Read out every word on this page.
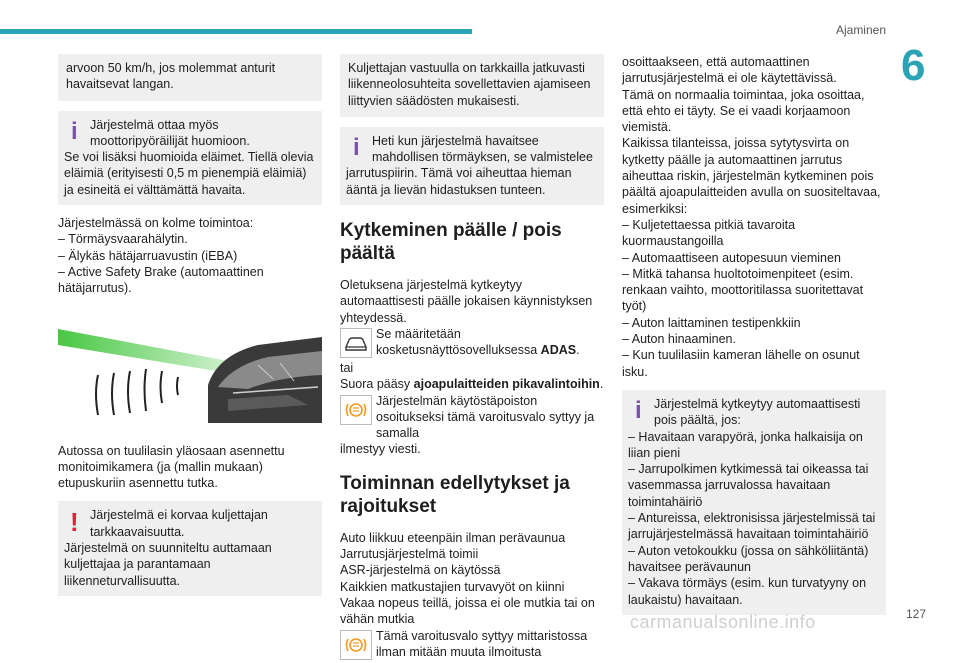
Ajaminen
6

arvoon 50 km/h, jos molemmat anturit havaitsevat langan.

i Järjestelmä ottaa myös moottoripyöräilijät huomioon.

Se voi lisäksi huomioida eläimet. Tiellä olevia eläimiä (erityisesti 0,5 m pienempiä eläimiä) ja esineitä ei välttämättä havaita.

Järjestelmässä on kolme toimintoa:

– Törmäysvaarahälytin.

– Älykäs hätäjarruavustin (iEBA)

– Active Safety Brake (automaattinen hätäjarrutus).

Autossa on tuulilasin yläosaan asennettu monitoimikamera (ja (mallin mukaan) etupuskuriin asennettu tutka.

! Järjestelmä ei korvaa kuljettajan tarkkaavaisuutta.

Järjestelmä on suunniteltu auttamaan kuljettajaa ja parantamaan liikenneturvallisuutta.

Kuljettajan vastuulla on tarkkailla jatkuvasti liikenneolosuhteita sovellettavien ajamiseen liittyvien säädösten mukaisesti.

i Heti kun järjestelmä havaitsee mahdollisen törmäyksen, se valmistelee

jarrutuspiirin. Tämä voi aiheuttaa hieman ääntä ja lievän hidastuksen tunteen.

Kytkeminen päälle / pois päältä

Oletuksena järjestelmä kytkeytyy automaattisesti päälle jokaisen käynnistyksen yhteydessä.

Se määritetään kosketusnäyttösovelluksessa ADAS.

tai

Suora pääsy ajoapulaitteiden pikavalintoihin.

Järjestelmän käytöstäpoiston osoitukseksi tämä varoitusvalo syttyy ja samalla

ilmestyy viesti.

Toiminnan edellytykset ja rajoitukset

Auto liikkuu eteenpäin ilman perävaunua

Jarrutusjärjestelmä toimii

ASR-järjestelmä on käytössä

Kaikkien matkustajien turvavyöt on kiinni

Vakaa nopeus teillä, joissa ei ole mutkia tai on vähän mutkia

Tämä varoitusvalo syttyy mittaristossa ilman mitään muuta ilmoitusta

osoittaakseen, että automaattinen jarrutusjärjestelmä ei ole käytettävissä.

Tämä on normaalia toimintaa, joka osoittaa, että ehto ei täyty. Se ei vaadi korjaamoon viemistä.

Kaikissa tilanteissa, joissa sytytysvirta on kytketty päälle ja automaattinen jarrutus aiheuttaa riskin, järjestelmän kytkeminen pois päältä ajoapulaitteiden avulla on suositeltavaa, esimerkiksi:

– Kuljetettaessa pitkiä tavaroita kuormaustangoilla

– Automaattiseen autopesuun vieminen

– Mitkä tahansa huoltotoimenpiteet (esim. renkaan vaihto, moottoritilassa suoritettavat työt)

– Auton laittaminen testipenkkiin

– Auton hinaaminen.

– Kun tuulilasiin kameran lähelle on osunut isku.

i Järjestelmä kytkeytyy automaattisesti pois päältä, jos:

– Havaitaan varapyörä, jonka halkaisija on liian pieni

– Jarrupolkimen kytkimessä tai oikeassa tai vasemmassa jarruvalossa havaitaan toimintahäiriö

– Antureissa, elektronisissa järjestelmissä tai jarrujärjestelmässä havaitaan toimintahäiriö

– Auton vetokoukku (jossa on sähköliitäntä) havaitsee perävaunun

– Vakava törmäys (esim. kun turvatyyny on laukaistu) havaitaan.

carmanualsonline.info	127
